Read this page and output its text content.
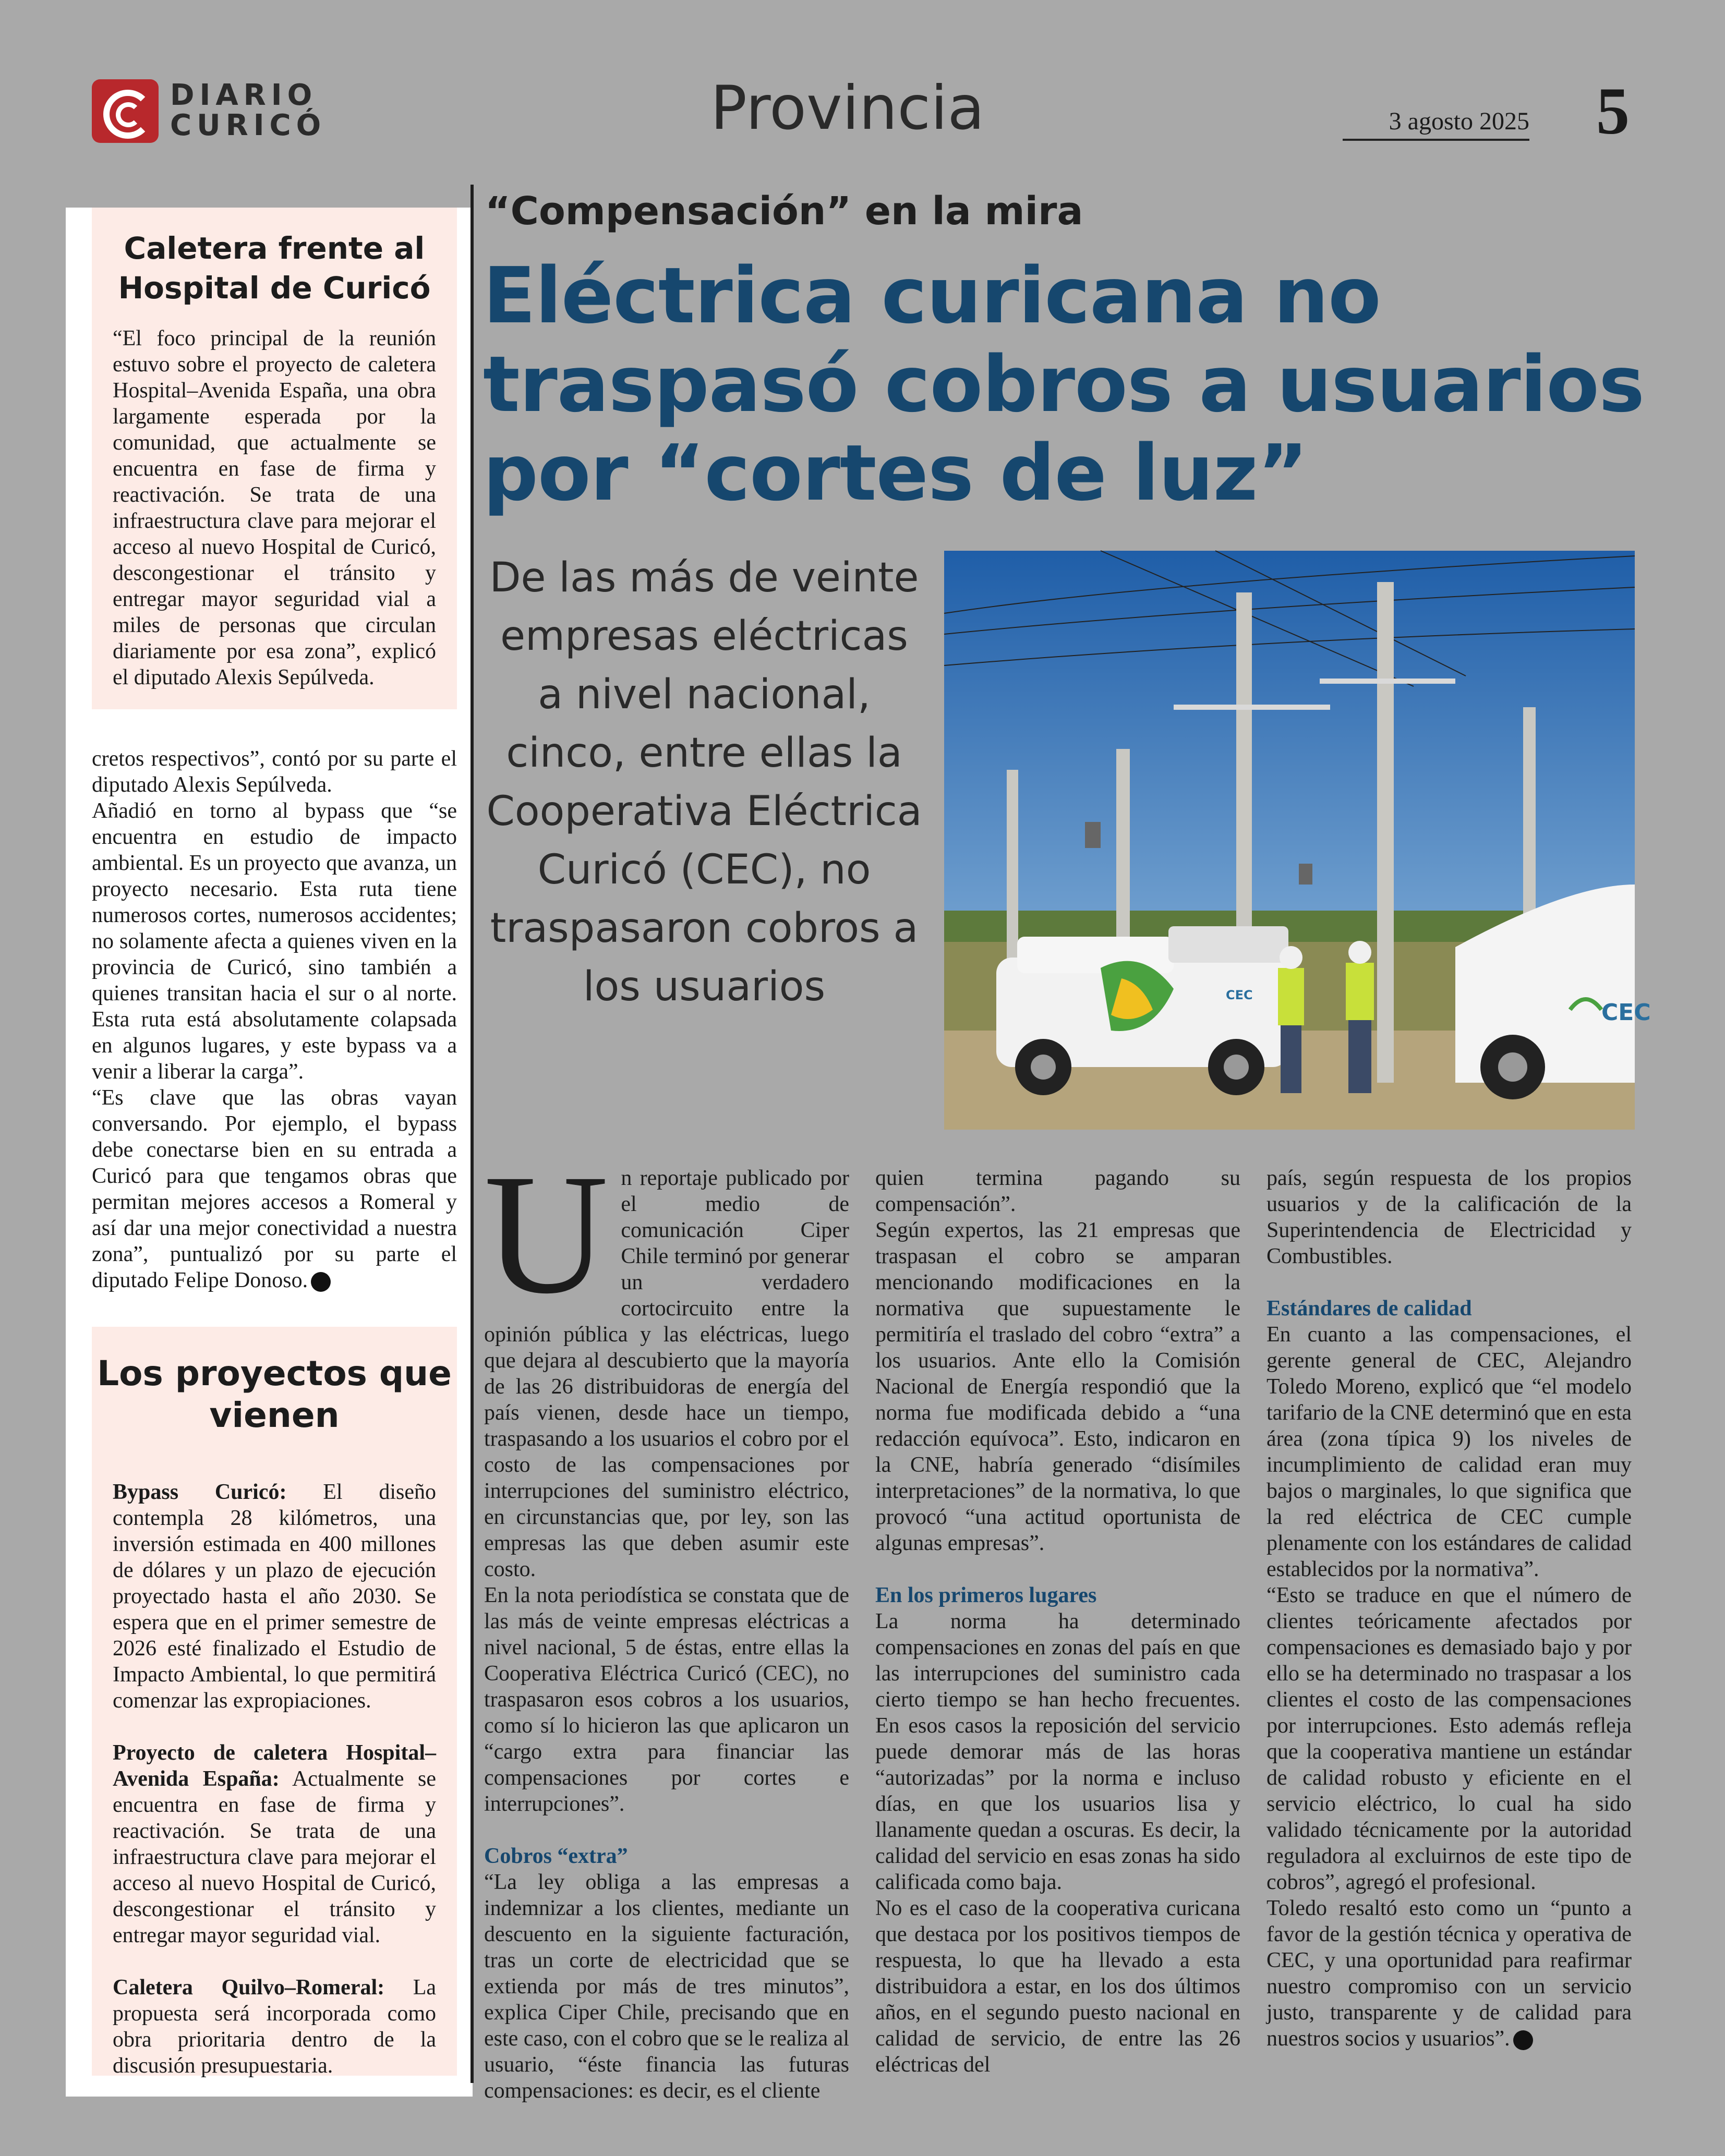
DIARIO
CURICÓ	Provincia	3 agosto 2025 5
Caletera frente al Hospital de Curicó
“El foco principal de la reunión estuvo sobre el proyecto de caletera Hospital–Avenida España, una obra largamente esperada por la comunidad, que actualmente se encuentra en fase de firma y reactivación. Se trata de una infraestructura clave para mejorar el acceso al nuevo Hospital de Curicó, descongestionar el tránsito y entregar mayor seguridad vial a miles de personas que circulan diariamente por esa zona”, explicó el diputado Alexis Sepúlveda.

cretos respectivos”, contó por su parte el diputado Alexis Sepúlveda.

Añadió en torno al bypass que “se encuentra en estudio de impacto ambiental. Es un proyecto que avanza, un proyecto necesario. Esta ruta tiene numerosos cortes, numerosos accidentes; no solamente afecta a quienes viven en la provincia de Curicó, sino también a quienes transitan hacia el sur o al norte. Esta ruta está absolutamente colapsada en algunos lugares, y este bypass va a venir a liberar la carga”.

“Es clave que las obras vayan conversando. Por ejemplo, el bypass debe conectarse bien en su entrada a Curicó para que tengamos obras que permitan mejores accesos a Romeral y así dar una mejor conectividad a nuestra zona”, puntualizó por su parte el diputado Felipe Donoso.

Los proyectos que vienen

Bypass Curicó: El diseño contempla 28 kilómetros, una inversión estimada en 400 millones de dólares y un plazo de ejecución proyectado hasta el año 2030. Se espera que en el primer semestre de 2026 esté finalizado el Estudio de Impacto Ambiental, lo que permitirá comenzar las expropiaciones.

Proyecto de caletera Hospital–Avenida España: Actualmente se encuentra en fase de firma y reactivación. Se trata de una infraestructura clave para mejorar el acceso al nuevo Hospital de Curicó, descongestionar el tránsito y entregar mayor seguridad vial.

Caletera Quilvo–Romeral: La propuesta será incorporada como obra prioritaria dentro de la discusión presupuestaria.

“Compensación” en la mira
Eléctrica curicana no traspasó cobros a usuarios por “cortes de luz”
De las más de veinte empresas eléctricas a nivel nacional, cinco, entre ellas la Cooperativa Eléctrica Curicó (CEC), no traspasaron cobros a los usuarios	CEC
CEC

Un reportaje publicado por el medio de comunicación Ciper Chile terminó por generar un verdadero cortocircuito entre la opinión pública y las eléctricas, luego que dejara al descubierto que la mayoría de las 26 distribuidoras de energía del país vienen, desde hace un tiempo, traspasando a los usuarios el cobro por el costo de las compensaciones por interrupciones del suministro eléctrico, en circunstancias que, por ley, son las empresas las que deben asumir este costo.

En la nota periodística se constata que de las más de veinte empresas eléctricas a nivel nacional, 5 de éstas, entre ellas la Cooperativa Eléctrica Curicó (CEC), no traspasaron esos cobros a los usuarios, como sí lo hicieron las que aplicaron un “cargo extra para financiar las compensaciones por cortes e interrupciones”.

Cobros “extra”

“La ley obliga a las empresas a indemnizar a los clientes, mediante un descuento en la siguiente facturación, tras un corte de electricidad que se extienda por más de tres minutos”, explica Ciper Chile, precisando que en este caso, con el cobro que se le realiza al usuario, “éste financia las futuras compensaciones: es decir, es el cliente

quien termina pagando su compensación”.

Según expertos, las 21 empresas que traspasan el cobro se amparan mencionando modificaciones en la normativa que supuestamente le permitiría el traslado del cobro “extra” a los usuarios. Ante ello la Comisión Nacional de Energía respondió que la norma fue modificada debido a “una redacción equívoca”. Esto, indicaron en la CNE, habría generado “disímiles interpretaciones” de la normativa, lo que provocó “una actitud oportunista de algunas empresas”.

En los primeros lugares

La norma ha determinado compensaciones en zonas del país en que las interrupciones del suministro cada cierto tiempo se han hecho frecuentes. En esos casos la reposición del servicio puede demorar más de las horas “autorizadas” por la norma e incluso días, en que los usuarios lisa y llanamente quedan a oscuras. Es decir, la calidad del servicio en esas zonas ha sido calificada como baja.

No es el caso de la cooperativa curicana que destaca por los positivos tiempos de respuesta, lo que ha llevado a esta distribuidora a estar, en los dos últimos años, en el segundo puesto nacional en calidad de servicio, de entre las 26 eléctricas del

país, según respuesta de los propios usuarios y de la calificación de la Superintendencia de Electricidad y Combustibles.

Estándares de calidad

En cuanto a las compensaciones, el gerente general de CEC, Alejandro Toledo Moreno, explicó que “el modelo tarifario de la CNE determinó que en esta área (zona típica 9) los niveles de incumplimiento de calidad eran muy bajos o marginales, lo que significa que la red eléctrica de CEC cumple plenamente con los estándares de calidad establecidos por la normativa”.

“Esto se traduce en que el número de clientes teóricamente afectados por compensaciones es demasiado bajo y por ello se ha determinado no traspasar a los clientes el costo de las compensaciones por interrupciones. Esto además refleja que la cooperativa mantiene un estándar de calidad robusto y eficiente en el servicio eléctrico, lo cual ha sido validado técnicamente por la autoridad reguladora al excluirnos de este tipo de cobros”, agregó el profesional.

Toledo resaltó esto como un “punto a favor de la gestión técnica y operativa de CEC, y una oportunidad para reafirmar nuestro compromiso con un servicio justo, transparente y de calidad para nuestros socios y usuarios”.
